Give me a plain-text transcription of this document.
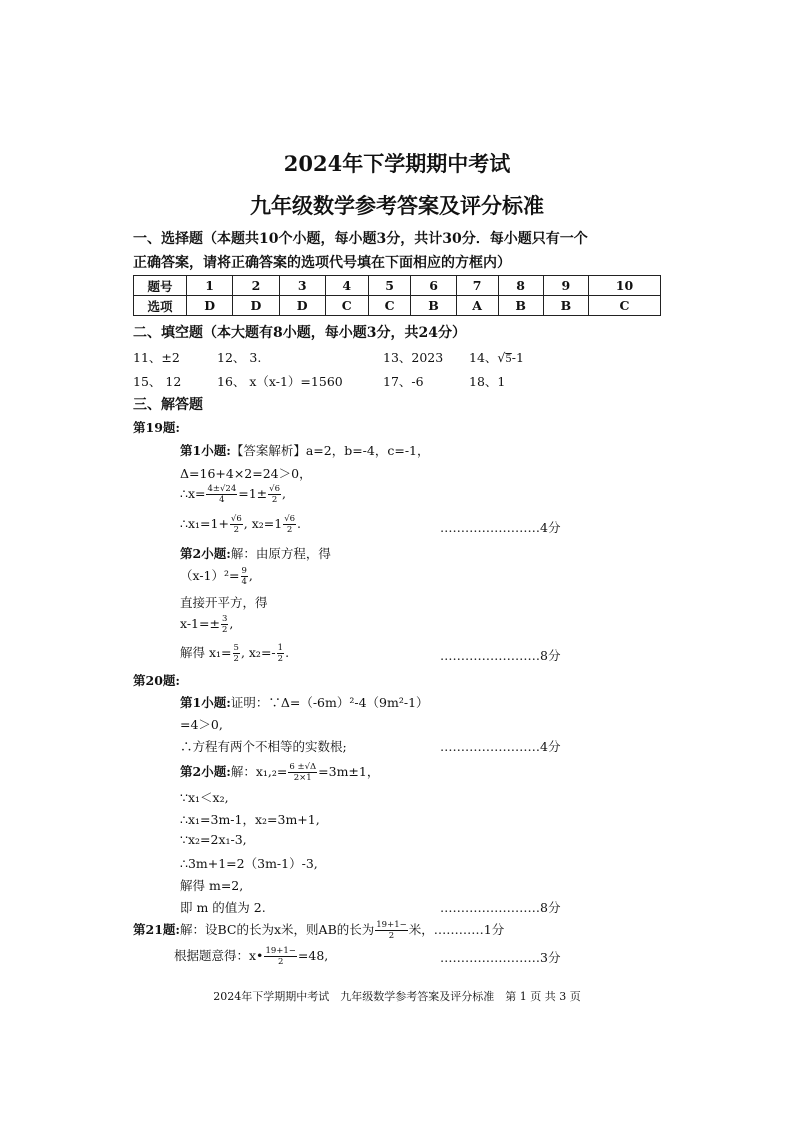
2024年下学期期中考试
九年级数学参考答案及评分标准
一、选择题（本题共10个小题，每小题3分，共计30分．每小题只有一个
正确答案，请将正确答案的选项代号填在下面相应的方框内）
题号	1	2	3	4	5	6	7	8	9	10
选项	D	D	D	C	C	B	A	B	B	C
二、填空题（本大题有8小题，每小题3分，共24分）
11、±2	12、 3.	13、2023 14、√5-1
15、 12	16、 x（x-1）=1560	17、-6	18、1
三、解答题
第19题:
第1小题:【答案解析】a=2，b=-4，c=-1，
Δ=16+4×2=24＞0，
∴x= $\frac{4\pm√24}{4} =1\pm \frac{√6}{2}$ ,
∴x₁=1+ $\frac{√6}{2}$ , $x_2=1 \frac{√6}{2}$ .	……………………4分
第2小题:解：由原方程，得
$(x-1)^2= \frac{9}{4}$ ,
直接开平方，得
$x-1=\pm \frac{3}{2}$ ,
解得 $x_1= \frac{5}{2}$ , $x_2=- \frac{1}{2}$ .	……………………8分
第20题:
第1小题:证明：∵Δ=（-6m）²-4（9m²-1）
=4＞0,
∴方程有两个不相等的实数根;	……………………4分
第2小题:解：$x_1,_2= \frac{6 \pm√\Delta}{2\times 1} =3m\pm 1$，
∵x₁＜x₂,
∴x₁=3m-1，x₂=3m+1,
∵x₂=2x₁-3,
∴3m+1=2（3m-1）-3,
解得 m=2,
即 m 的值为 2.	……………………8分
第21题:解：设BC的长为x米，则AB的长为 $\frac{19+1-}{2}$ 米，…………1分
根据题意得：x• $\frac{19+1-}{2} =48$,	……………………3分
2024年下学期期中考试　九年级数学参考答案及评分标准　第 1 页 共 3 页
